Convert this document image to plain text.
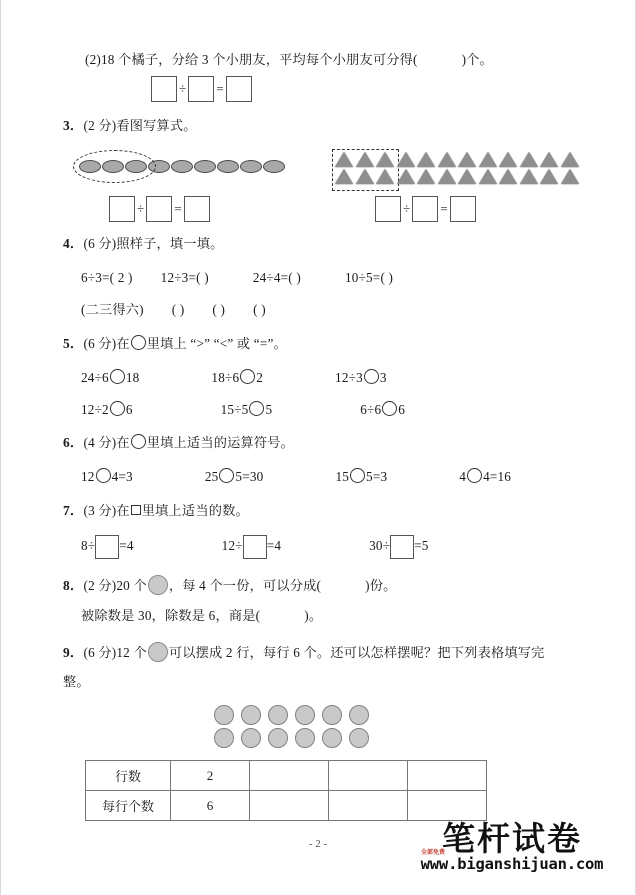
(2)18 个橘子，分给 3 个小朋友，平均每个小朋友可分得(	)个。
÷ =
3．(2 分)看图写算式。
÷ =	÷ =
4．(6 分)照样子，填一填。
6÷3=( 2 ) 12÷3=( )	24÷4=( )	10÷5=( )
(二三得六) ( ) ( ) ( )
5．(6 分)在 里填上 “>” “<” 或 “=”。
24÷6 18	18÷6 2	12÷3 3
12÷2 6	15÷5 5	6÷6 6
6．(4 分)在 里填上适当的运算符号。
12 4=3	25 5=30	15 5=3	4 4=16
7．(3 分)在 里填上适当的数。
8÷ =4	12÷ =4	30÷ =5
8．(2 分)20 个 ，每 4 个一份，可以分成(	)份。
被除数是 30，除数是 6，商是(	)。
9．(6 分)12 个 可以摆成 2 行，每行 6 个。还可以怎样摆呢？把下列表格填写完
整。
行数	2			
每行个数	6			
- 2 -	笔杆试卷
www.biganshijuan.com
全部免费
